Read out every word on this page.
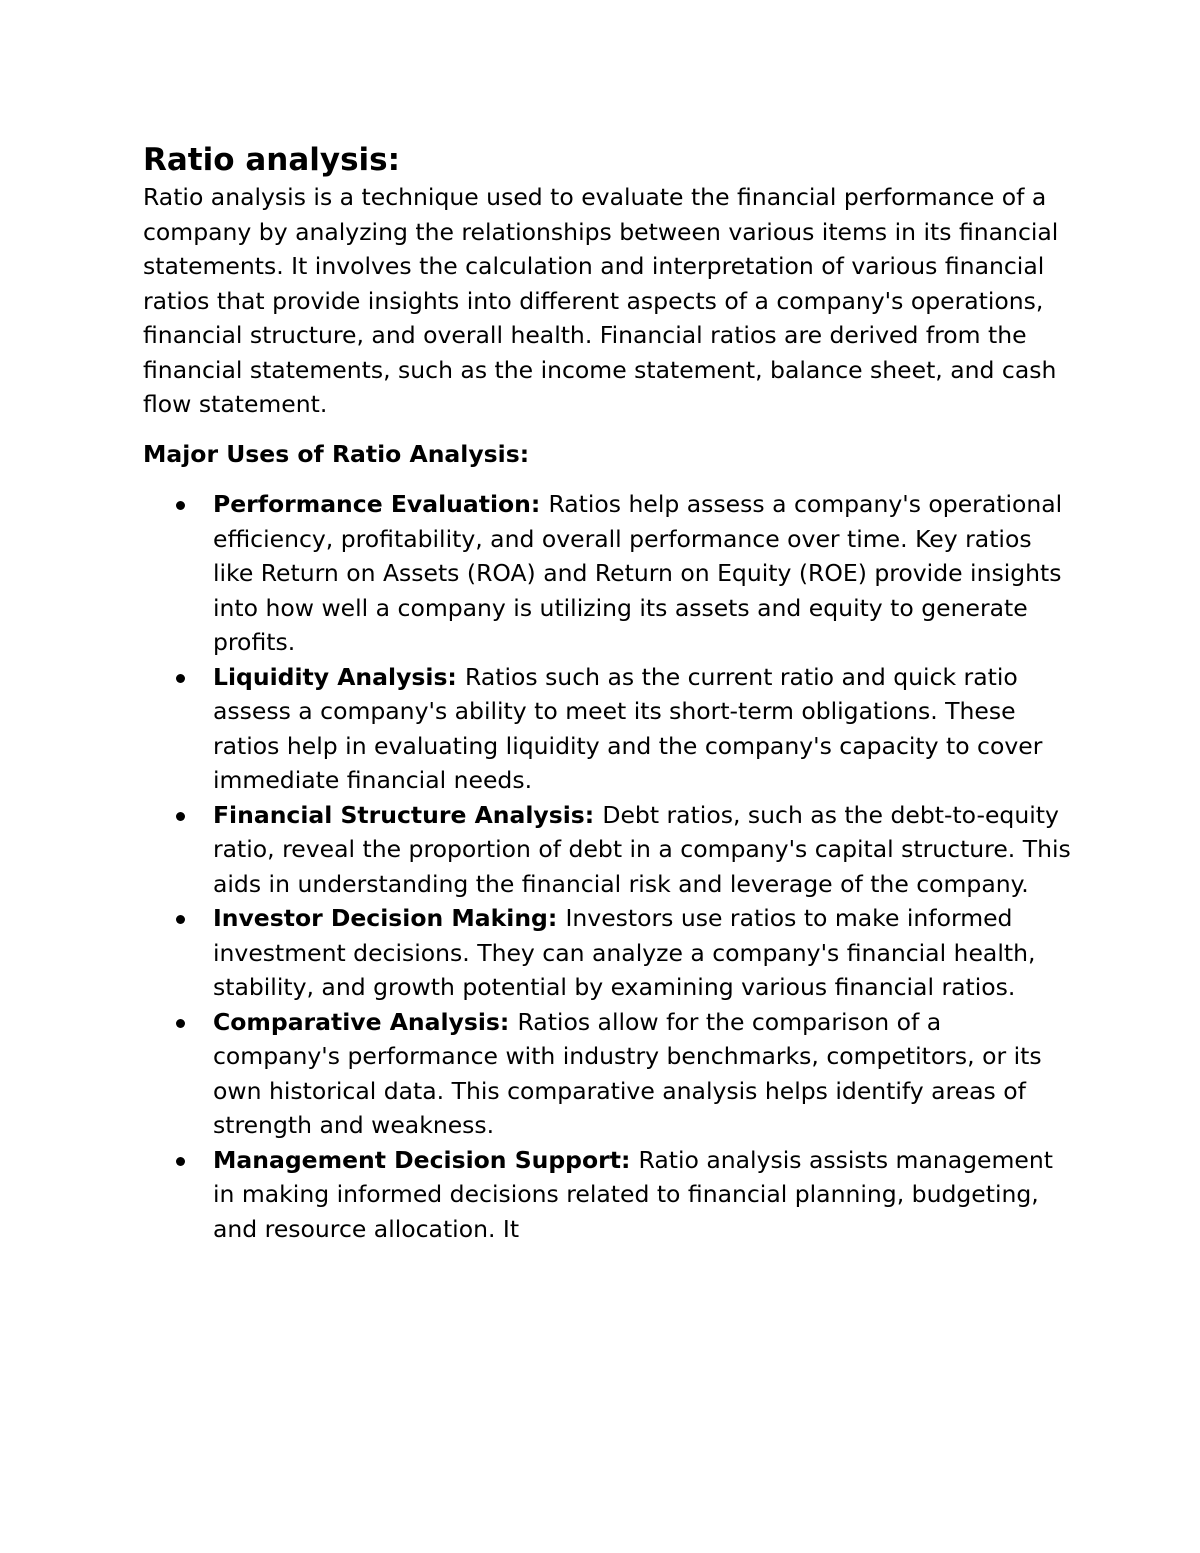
Ratio analysis:

Ratio analysis is a technique used to evaluate the financial performance of a company by analyzing the relationships between various items in its financial statements. It involves the calculation and interpretation of various financial ratios that provide insights into different aspects of a company's operations, financial structure, and overall health. Financial ratios are derived from the financial statements, such as the income statement, balance sheet, and cash flow statement.

Major Uses of Ratio Analysis:

Performance Evaluation: Ratios help assess a company's operational efficiency, profitability, and overall performance over time. Key ratios like Return on Assets (ROA) and Return on Equity (ROE) provide insights into how well a company is utilizing its assets and equity to generate profits.
Liquidity Analysis: Ratios such as the current ratio and quick ratio assess a company's ability to meet its short-term obligations. These ratios help in evaluating liquidity and the company's capacity to cover immediate financial needs.
Financial Structure Analysis: Debt ratios, such as the debt-to-equity ratio, reveal the proportion of debt in a company's capital structure. This aids in understanding the financial risk and leverage of the company.
Investor Decision Making: Investors use ratios to make informed investment decisions. They can analyze a company's financial health, stability, and growth potential by examining various financial ratios.
Comparative Analysis: Ratios allow for the comparison of a company's performance with industry benchmarks, competitors, or its own historical data. This comparative analysis helps identify areas of strength and weakness.
Management Decision Support: Ratio analysis assists management in making informed decisions related to financial planning, budgeting, and resource allocation. It
